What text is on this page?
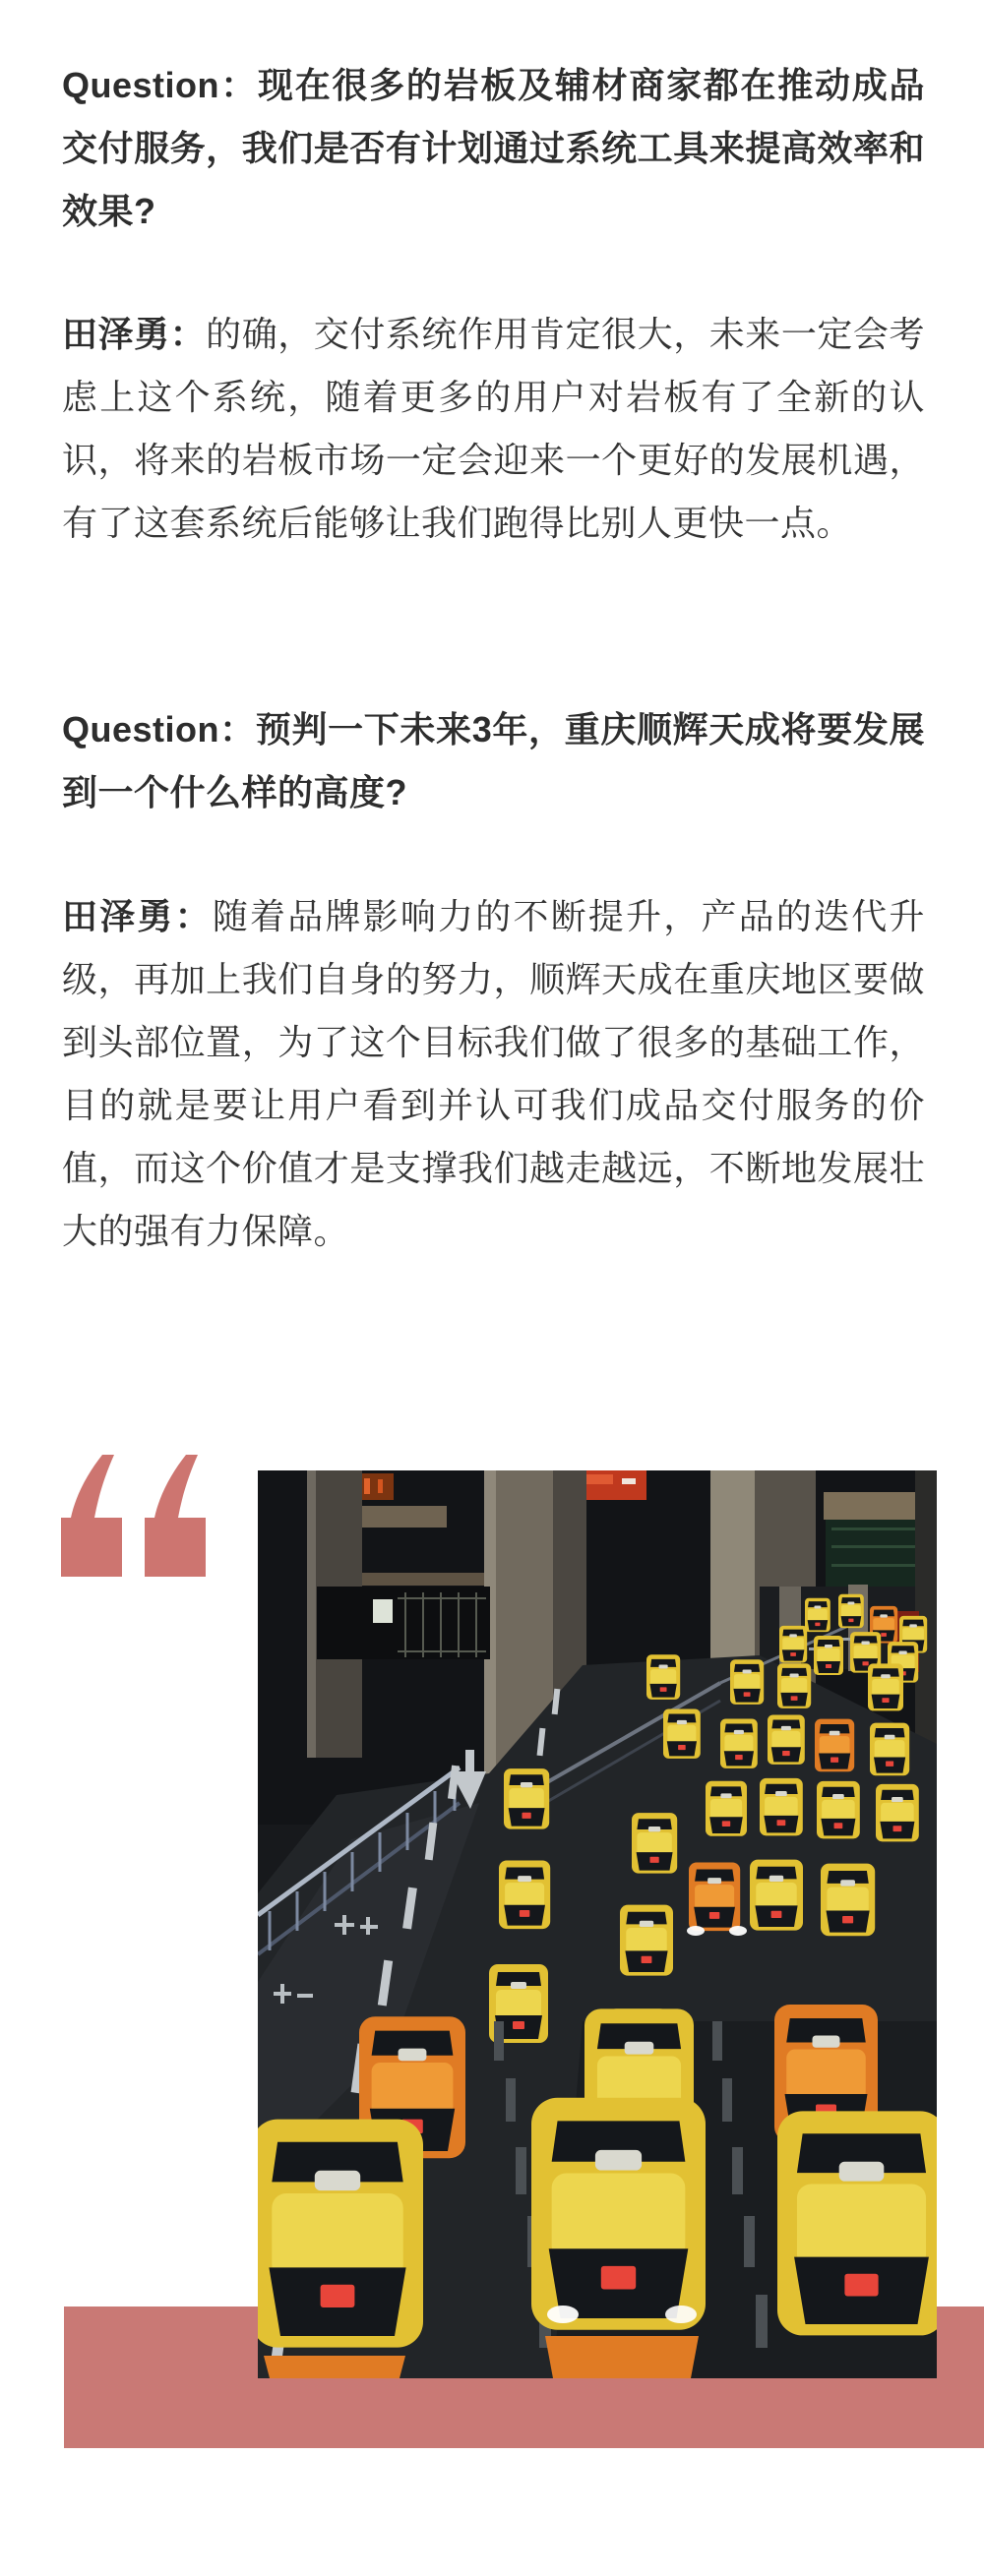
Question：现在很多的岩板及辅材商家都在推动成品交付服务，我们是否有计划通过系统工具来提高效率和效果?

田泽勇：的确，交付系统作用肯定很大，未来一定会考虑上这个系统，随着更多的用户对岩板有了全新的认识，将来的岩板市场一定会迎来一个更好的发展机遇，有了这套系统后能够让我们跑得比别人更快一点。

Question：预判一下未来3年，重庆顺辉天成将要发展到一个什么样的高度?

田泽勇：随着品牌影响力的不断提升，产品的迭代升级，再加上我们自身的努力，顺辉天成在重庆地区要做到头部位置，为了这个目标我们做了很多的基础工作，目的就是要让用户看到并认可我们成品交付服务的价值，而这个价值才是支撑我们越走越远，不断地发展壮大的强有力保障。
